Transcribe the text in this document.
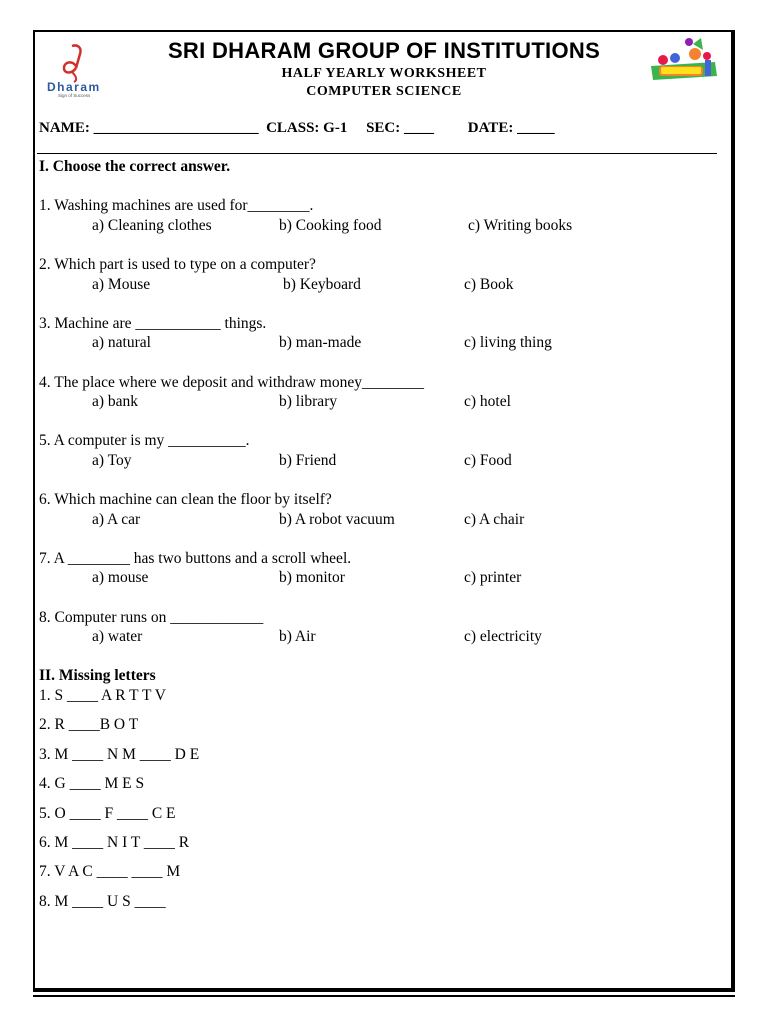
Dharam
Sign of Success
SRI DHARAM GROUP OF INSTITUTIONS
HALF YEARLY WORKSHEET
COMPUTER SCIENCE
NAME: ______________________  CLASS: G-1     SEC: ____         DATE: _____
I. Choose the correct answer.
1. Washing machines are used for________.
a) Cleaning clothes	b) Cooking food	c) Writing books
2. Which part is used to type on a computer?
a) Mouse	b) Keyboard	c) Book
3. Machine are ___________ things.
a) natural	b) man-made	c) living thing
4. The place where we deposit and withdraw money________
a) bank	b) library	c) hotel
5. A computer is my __________.
a) Toy	b) Friend	c) Food
6. Which machine can clean the floor by itself?
a) A car	b) A robot vacuum	c) A chair
7. A ________ has two buttons and a scroll wheel.
a) mouse	b) monitor	c) printer
8. Computer runs on ____________
a) water	b) Air	c) electricity
II. Missing letters
1. S ____ A R T T V
2. R ____B O T
3. M ____ N M ____ D E
4. G ____ M E S
5. O ____ F ____ C E
6. M ____ N I T ____ R
7. V A C ____ ____ M
8. M ____ U S ____
